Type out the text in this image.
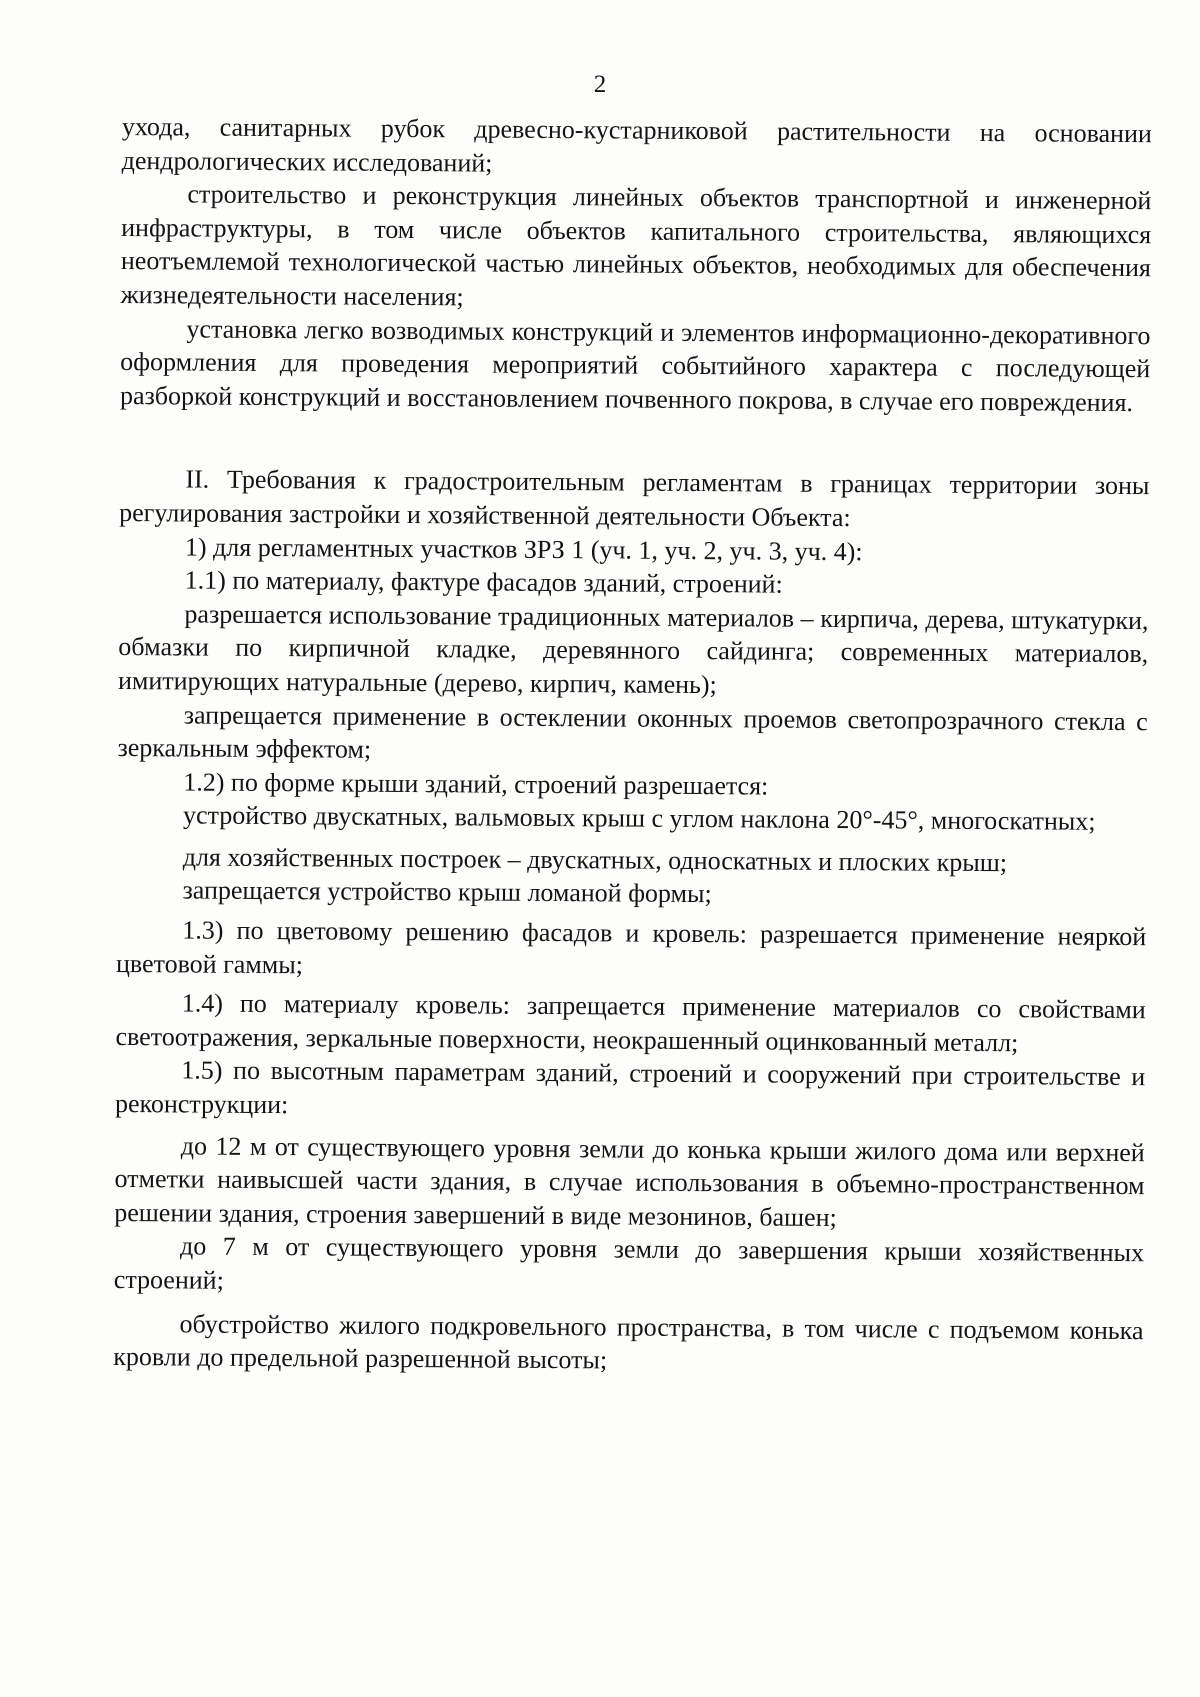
2

ухода, санитарных рубок древесно-кустарниковой растительности на основании дендрологических исследований;

строительство и реконструкция линейных объектов транспортной и инженерной инфраструктуры, в том числе объектов капитального строительства, являющихся неотъемлемой технологической частью линейных объектов, необходимых для обеспечения жизнедеятельности населения;

установка легко возводимых конструкций и элементов информационно-декоративного оформления для проведения мероприятий событийного характера с последующей разборкой конструкций и восстановлением почвенного покрова, в случае его повреждения.

II. Требования к градостроительным регламентам в границах территории зоны регулирования застройки и хозяйственной деятельности Объекта:

1) для регламентных участков ЗРЗ 1 (уч. 1, уч. 2, уч. 3, уч. 4):

1.1) по материалу, фактуре фасадов зданий, строений:

разрешается использование традиционных материалов – кирпича, дерева, штукатурки, обмазки по кирпичной кладке, деревянного сайдинга; современных материалов, имитирующих натуральные (дерево, кирпич, камень);

запрещается применение в остеклении оконных проемов светопрозрачного стекла с зеркальным эффектом;

1.2) по форме крыши зданий, строений разрешается:

устройство двускатных, вальмовых крыш с углом наклона 20°-45°, многоскатных;

для хозяйственных построек – двускатных, односкатных и плоских крыш;

запрещается устройство крыш ломаной формы;

1.3) по цветовому решению фасадов и кровель: разрешается применение неяркой цветовой гаммы;

1.4) по материалу кровель: запрещается применение материалов со свойствами светоотражения, зеркальные поверхности, неокрашенный оцинкованный металл;

1.5) по высотным параметрам зданий, строений и сооружений при строительстве и реконструкции:

до 12 м от существующего уровня земли до конька крыши жилого дома или верхней отметки наивысшей части здания, в случае использования в объемно-пространственном решении здания, строения завершений в виде мезонинов, башен;

до 7 м от существующего уровня земли до завершения крыши хозяйственных строений;

обустройство жилого подкровельного пространства, в том числе с подъемом конька кровли до предельной разрешенной высоты;
